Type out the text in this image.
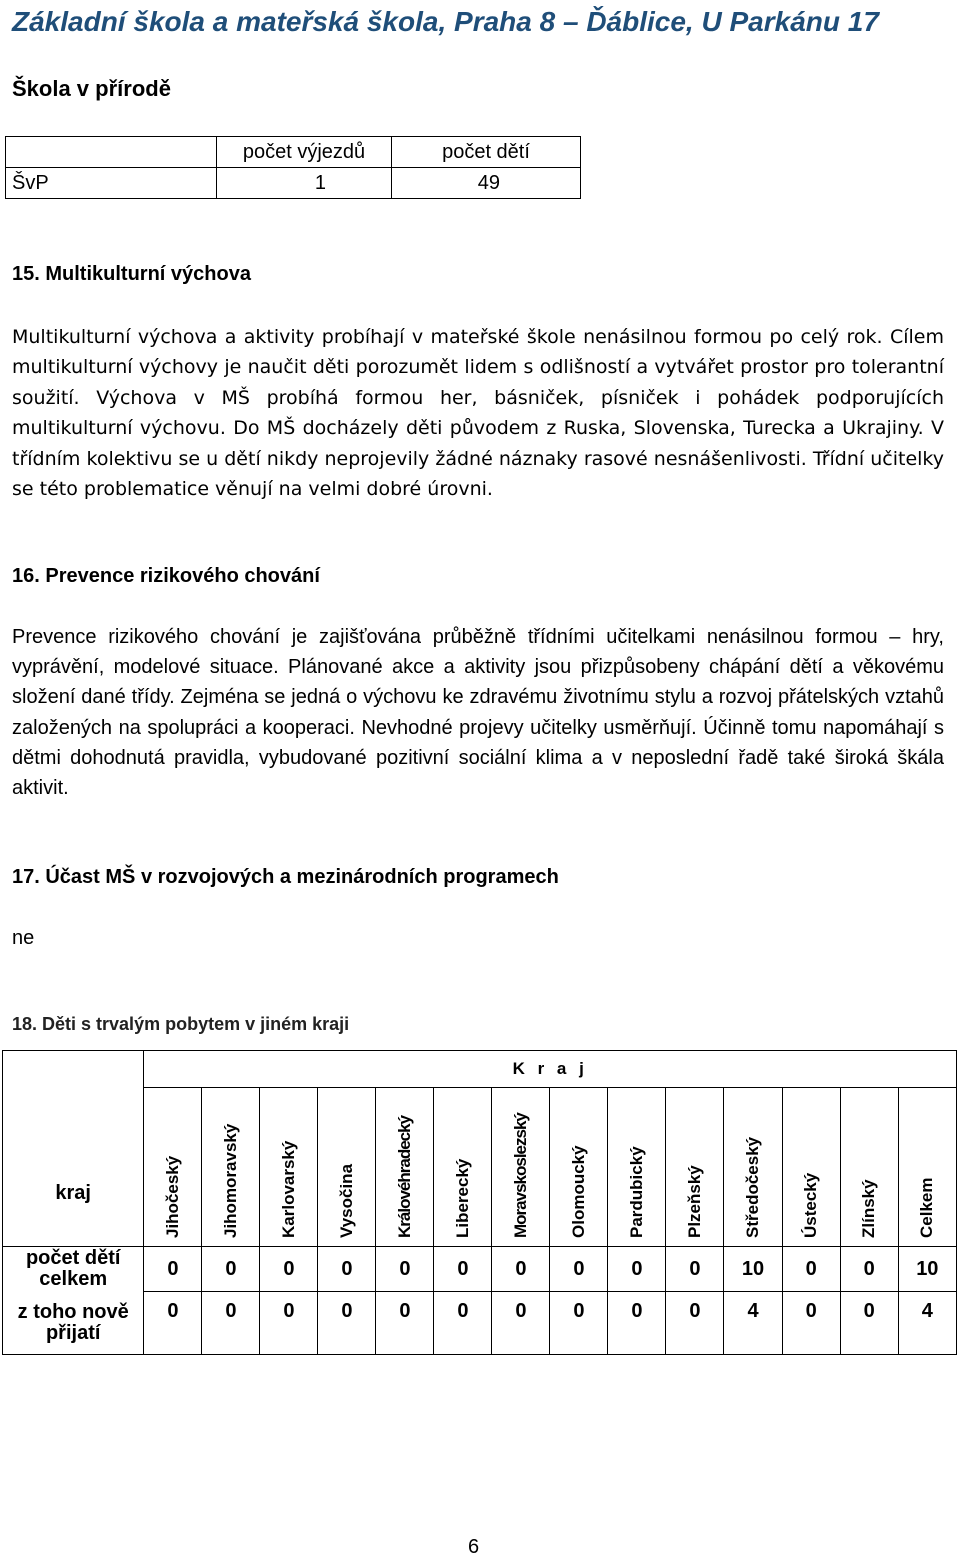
Základní škola a mateřská škola, Praha 8 – Ďáblice, U Parkánu 17
Škola v přírodě
	počet výjezdů	počet dětí
ŠvP	1	49
15. Multikulturní výchova
Multikulturní výchova a aktivity probíhají v mateřské škole nenásilnou formou po celý rok. Cílem multikulturní výchovy je naučit děti porozumět lidem s odlišností a vytvářet prostor pro tolerantní soužití. Výchova v MŠ probíhá formou her, básniček, písniček i pohádek podporujících multikulturní výchovu. Do MŠ docházely děti původem z Ruska, Slovenska, Turecka a Ukrajiny. V třídním kolektivu se u dětí nikdy neprojevily žádné náznaky rasové nesnášenlivosti. Třídní učitelky se této problematice věnují na velmi dobré úrovni.
16. Prevence rizikového chování
Prevence rizikového chování je zajišťována průběžně třídními učitelkami nenásilnou formou – hry, vyprávění, modelové situace. Plánované akce a aktivity jsou přizpůsobeny chápání dětí a věkovému složení dané třídy. Zejména se jedná o výchovu ke zdravému životnímu stylu a rozvoj přátelských vztahů založených na spolupráci a kooperaci. Nevhodné projevy učitelky usměrňují. Účinně tomu napomáhají s dětmi dohodnutá pravidla, vybudované pozitivní sociální klima a v neposlední řadě také široká škála aktivit.
17. Účast MŠ v rozvojových a mezinárodních programech
ne
18. Děti s trvalým pobytem v jiném kraji
kraj	K r a j													

	Jihočeský	Jihomoravský	Karlovarský	Vysočina	Královéhradecký	Liberecký	Moravskoslezský	Olomoucký	Pardubický	Plzeňský	Středočeský	Ústecký	Zlínský	Celkem

počet dětí celkem	0	0	0	0	0	0	0	0	0	0	10	0	0	10
z toho nově přijatí	0	0	0	0	0	0	0	0	0	0	4	0	0	4
6
